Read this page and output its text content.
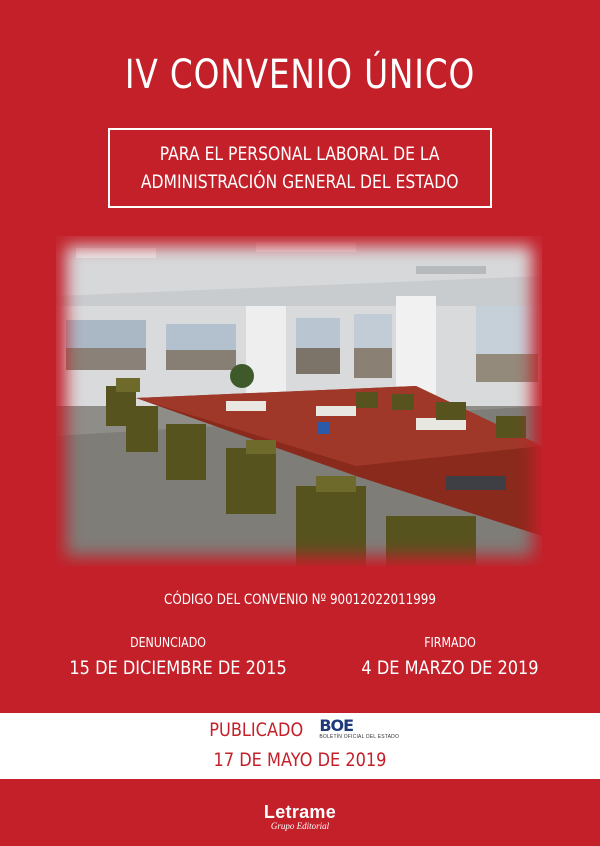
IV CONVENIO ÚNICO
PARA EL PERSONAL LABORAL DE LA
ADMINISTRACIÓN GENERAL DEL ESTADO
CÓDIGO DEL CONVENIO Nº 90012022011999
DENUNCIADO
15 DE DICIEMBRE DE 2015
FIRMADO
4 DE MARZO DE 2019
PUBLICADO BOE
BOLETÍN OFICIAL DEL ESTADO
17 DE MAYO DE 2019
Letrame
Grupo Editorial
